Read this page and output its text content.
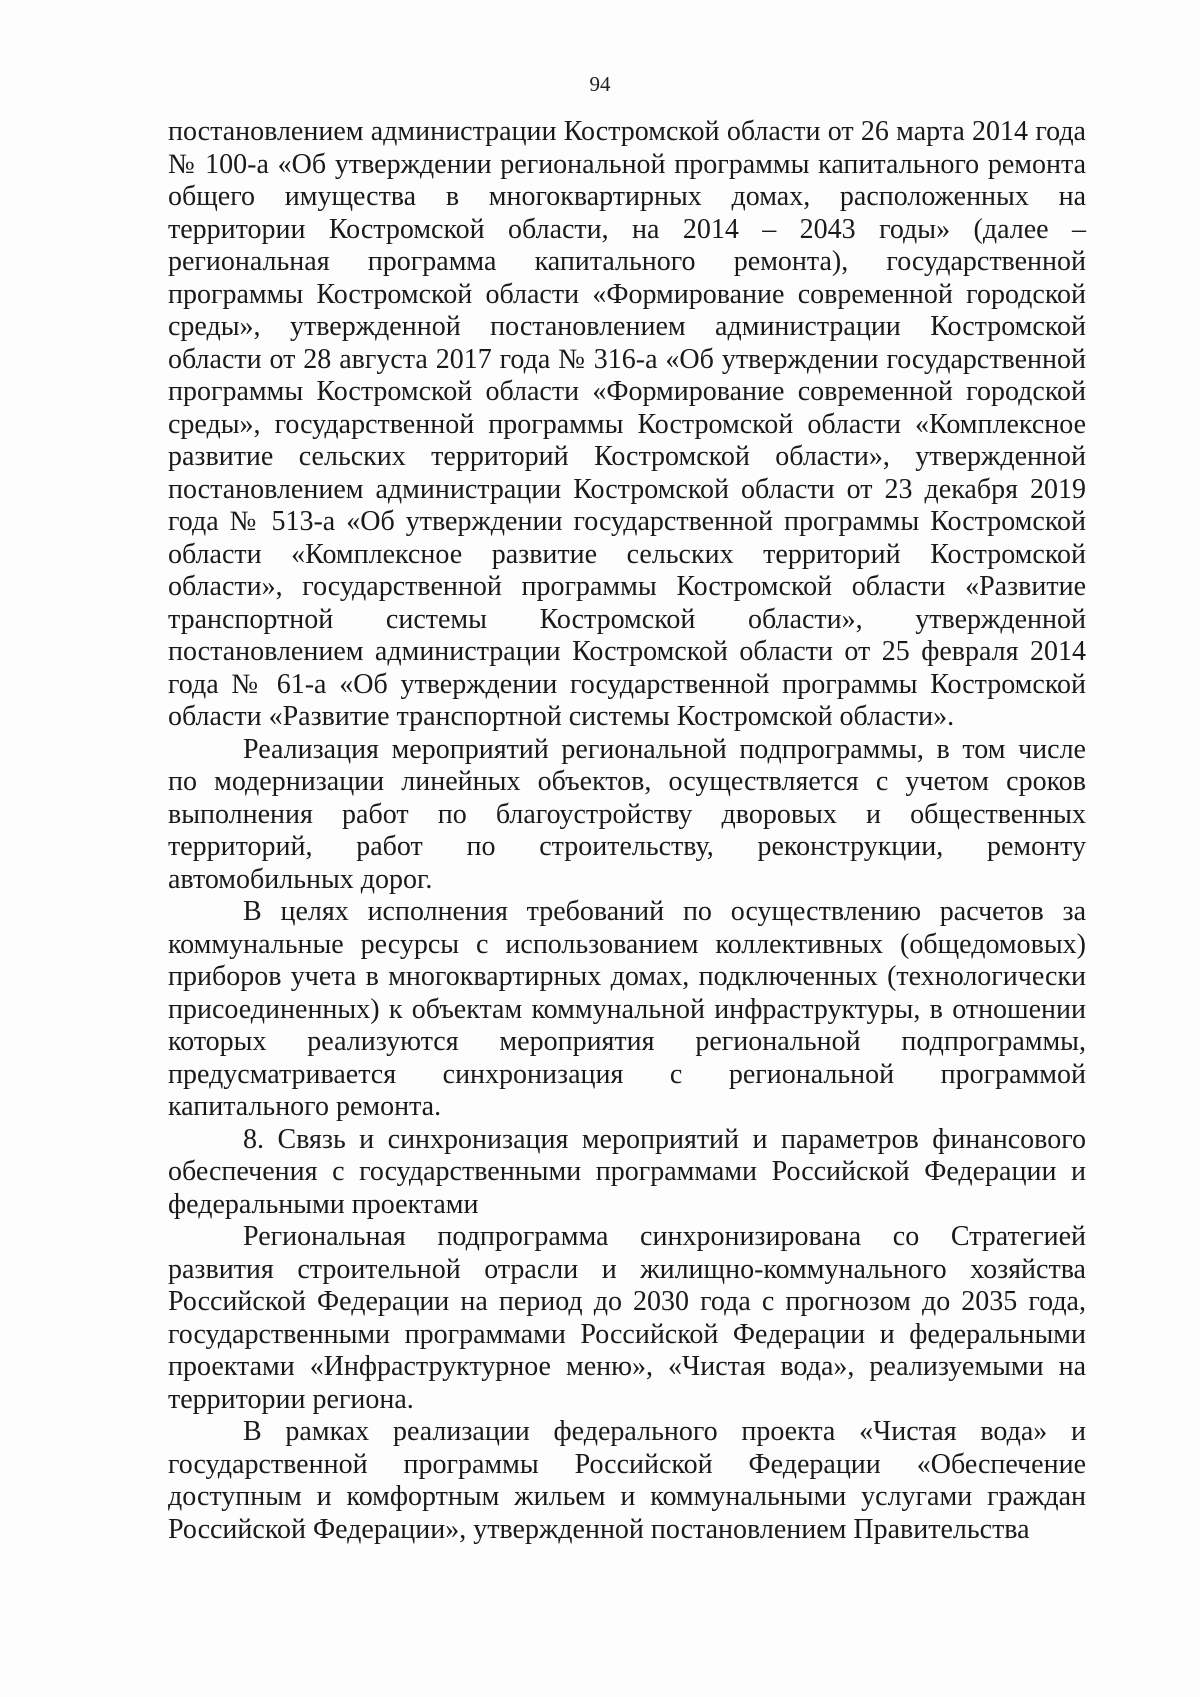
94

постановлением администрации Костромской области от 26 марта 2014 года № 100-а «Об утверждении региональной программы капитального ремонта общего имущества в многоквартирных домах, расположенных на территории Костромской области, на 2014 – 2043 годы» (далее – региональная программа капитального ремонта), государственной программы Костромской области «Формирование современной городской среды», утвержденной постановлением администрации Костромской области от 28 августа 2017 года № 316-а «Об утверждении государственной программы Костромской области «Формирование современной городской среды», государственной программы Костромской области «Комплексное развитие сельских территорий Костромской области», утвержденной постановлением администрации Костромской области от 23 декабря 2019 года № 513-а «Об утверждении государственной программы Костромской области «Комплексное развитие сельских территорий Костромской области», государственной программы Костромской области «Развитие транспортной системы Костромской области», утвержденной постановлением администрации Костромской области от 25 февраля 2014 года № 61-а «Об утверждении государственной программы Костромской области «Развитие транспортной системы Костромской области».

Реализация мероприятий региональной подпрограммы, в том числе по модернизации линейных объектов, осуществляется с учетом сроков выполнения работ по благоустройству дворовых и общественных территорий, работ по строительству, реконструкции, ремонту автомобильных дорог.

В целях исполнения требований по осуществлению расчетов за коммунальные ресурсы с использованием коллективных (общедомовых) приборов учета в многоквартирных домах, подключенных (технологически присоединенных) к объектам коммунальной инфраструктуры, в отношении которых реализуются мероприятия региональной подпрограммы, предусматривается синхронизация с региональной программой капитального ремонта.

8. Связь и синхронизация мероприятий и параметров финансового обеспечения с государственными программами Российской Федерации и федеральными проектами

Региональная подпрограмма синхронизирована со Стратегией развития строительной отрасли и жилищно-коммунального хозяйства Российской Федерации на период до 2030 года с прогнозом до 2035 года, государственными программами Российской Федерации и федеральными проектами «Инфраструктурное меню», «Чистая вода», реализуемыми на территории региона.

В рамках реализации федерального проекта «Чистая вода» и государственной программы Российской Федерации «Обеспечение доступным и комфортным жильем и коммунальными услугами граждан Российской Федерации», утвержденной постановлением Правительства
